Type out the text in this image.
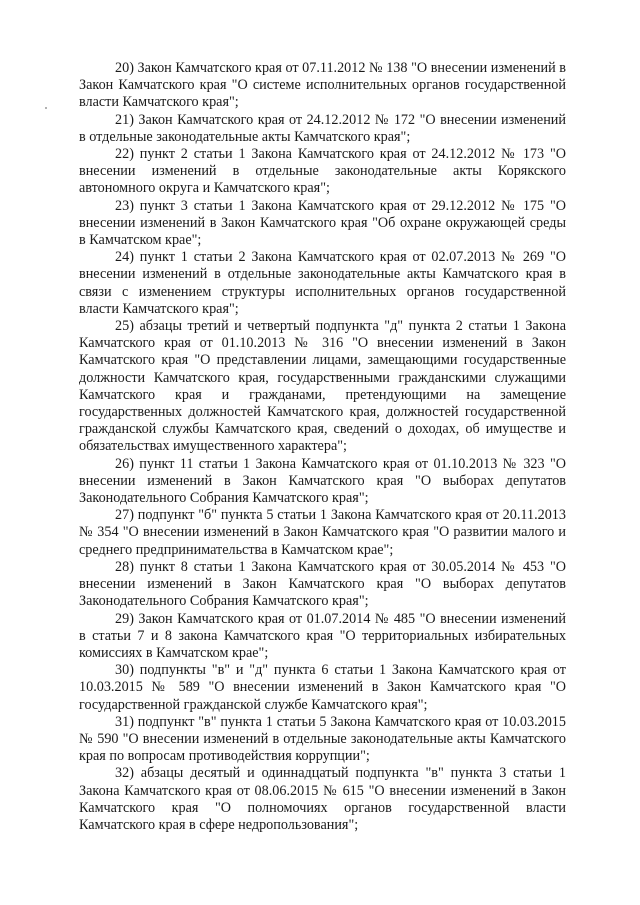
20) Закон Камчатского края от 07.11.2012 № 138 "О внесении изменений в Закон Камчатского края "О системе исполнительных органов государственной власти Камчатского края";

21) Закон Камчатского края от 24.12.2012 № 172 "О внесении изменений в отдельные законодательные акты Камчатского края";

22) пункт 2 статьи 1 Закона Камчатского края от 24.12.2012 № 173 "О внесении изменений в отдельные законодательные акты Корякского автономного округа и Камчатского края";

23) пункт 3 статьи 1 Закона Камчатского края от 29.12.2012 № 175 "О внесении изменений в Закон Камчатского края "Об охране окружающей среды в Камчатском крае";

24) пункт 1 статьи 2 Закона Камчатского края от 02.07.2013 № 269 "О внесении изменений в отдельные законодательные акты Камчатского края в связи с изменением структуры исполнительных органов государственной власти Камчатского края";

25) абзацы третий и четвертый подпункта "д" пункта 2 статьи 1 Закона Камчатского края от 01.10.2013 № 316 "О внесении изменений в Закон Камчатского края "О представлении лицами, замещающими государственные должности Камчатского края, государственными гражданскими служащими Камчатского края и гражданами, претендующими на замещение государственных должностей Камчатского края, должностей государственной гражданской службы Камчатского края, сведений о доходах, об имуществе и обязательствах имущественного характера";

26) пункт 11 статьи 1 Закона Камчатского края от 01.10.2013 № 323 "О внесении изменений в Закон Камчатского края "О выборах депутатов Законодательного Собрания Камчатского края";

27) подпункт "б" пункта 5 статьи 1 Закона Камчатского края от 20.11.2013 № 354 "О внесении изменений в Закон Камчатского края "О развитии малого и среднего предпринимательства в Камчатском крае";

28) пункт 8 статьи 1 Закона Камчатского края от 30.05.2014 № 453 "О внесении изменений в Закон Камчатского края "О выборах депутатов Законодательного Собрания Камчатского края";

29) Закон Камчатского края от 01.07.2014 № 485 "О внесении изменений в статьи 7 и 8 закона Камчатского края "О территориальных избирательных комиссиях в Камчатском крае";

30) подпункты "в" и "д" пункта 6 статьи 1 Закона Камчатского края от 10.03.2015 № 589 "О внесении изменений в Закон Камчатского края "О государственной гражданской службе Камчатского края";

31) подпункт "в" пункта 1 статьи 5 Закона Камчатского края от 10.03.2015 № 590 "О внесении изменений в отдельные законодательные акты Камчатского края по вопросам противодействия коррупции";

32) абзацы десятый и одиннадцатый подпункта "в" пункта 3 статьи 1 Закона Камчатского края от 08.06.2015 № 615 "О внесении изменений в Закон Камчатского края "О полномочиях органов государственной власти Камчатского края в сфере недропользования";
